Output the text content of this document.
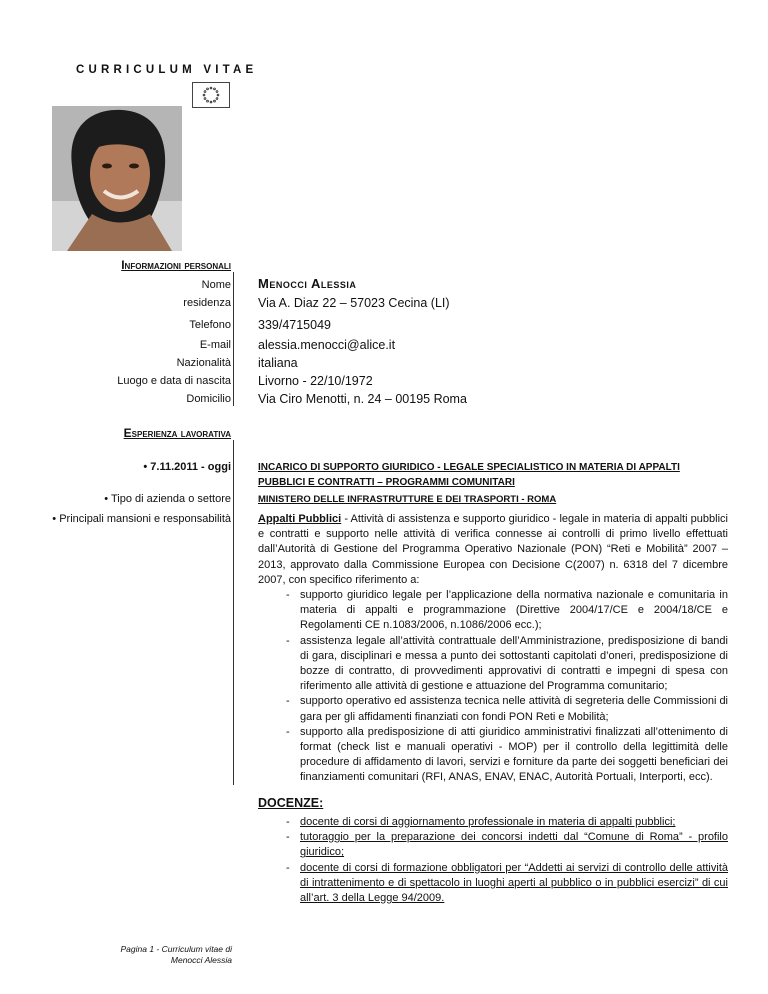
CURRICULUM VITAE
Informazioni personali
Nome Menocci Alessia
residenza Via A. Diaz 22 – 57023 Cecina (LI)
Telefono 339/4715049
E-mail alessia.menocci@alice.it
Nazionalità italiana
Luogo e data di nascita Livorno - 22/10/1972
Domicilio Via Ciro Menotti, n. 24 – 00195 Roma
Esperienza lavorativa
• 7.11.2011 - oggi	INCARICO DI SUPPORTO GIURIDICO - LEGALE SPECIALISTICO IN MATERIA DI APPALTI PUBBLICI E CONTRATTI – PROGRAMMI COMUNITARI
• Tipo di azienda o settore	MINISTERO DELLE INFRASTRUTTURE E DEI TRASPORTI - ROMA
• Principali mansioni e responsabilità Appalti Pubblici - Attività di assistenza e supporto giuridico - legale in materia di appalti pubblici e contratti e supporto nelle attività di verifica connesse ai controlli di primo livello effettuati dall’Autorità di Gestione del Programma Operativo Nazionale (PON) “Reti e Mobilità” 2007 – 2013, approvato dalla Commissione Europea con Decisione C(2007) n. 6318 del 7 dicembre 2007, con specifico riferimento a:
- supporto giuridico legale per l’applicazione della normativa nazionale e comunitaria in materia di appalti e programmazione (Direttive 2004/17/CE e 2004/18/CE e Regolamenti CE n.1083/2006, n.1086/2006 ecc.);
- assistenza legale all’attività contrattuale dell’Amministrazione, predisposizione di bandi di gara, disciplinari e messa a punto dei sottostanti capitolati d’oneri, predisposizione di bozze di contratto, di provvedimenti approvativi di contratti e impegni di spesa con riferimento alle attività di gestione e attuazione del Programma comunitario;
- supporto operativo ed assistenza tecnica nelle attività di segreteria delle Commissioni di gara per gli affidamenti finanziati con fondi PON Reti e Mobilità;
- supporto alla predisposizione di atti giuridico amministrativi finalizzati all’ottenimento di format (check list e manuali operativi - MOP) per il controllo della legittimità delle procedure di affidamento di lavori, servizi e forniture da parte dei soggetti beneficiari dei finanziamenti comunitari (RFI, ANAS, ENAV, ENAC, Autorità Portuali, Interporti, ecc).
DOCENZE:
- docente di corsi di aggiornamento professionale in materia di appalti pubblici;
- tutoraggio per la preparazione dei concorsi indetti dal “Comune di Roma” - profilo giuridico;
- docente di corsi di formazione obbligatori per “Addetti ai servizi di controllo delle attività di intrattenimento e di spettacolo in luoghi aperti al pubblico o in pubblici esercizi” di cui all’art. 3 della Legge 94/2009.
Pagina 1 - Curriculum vitae di
Menocci Alessia
